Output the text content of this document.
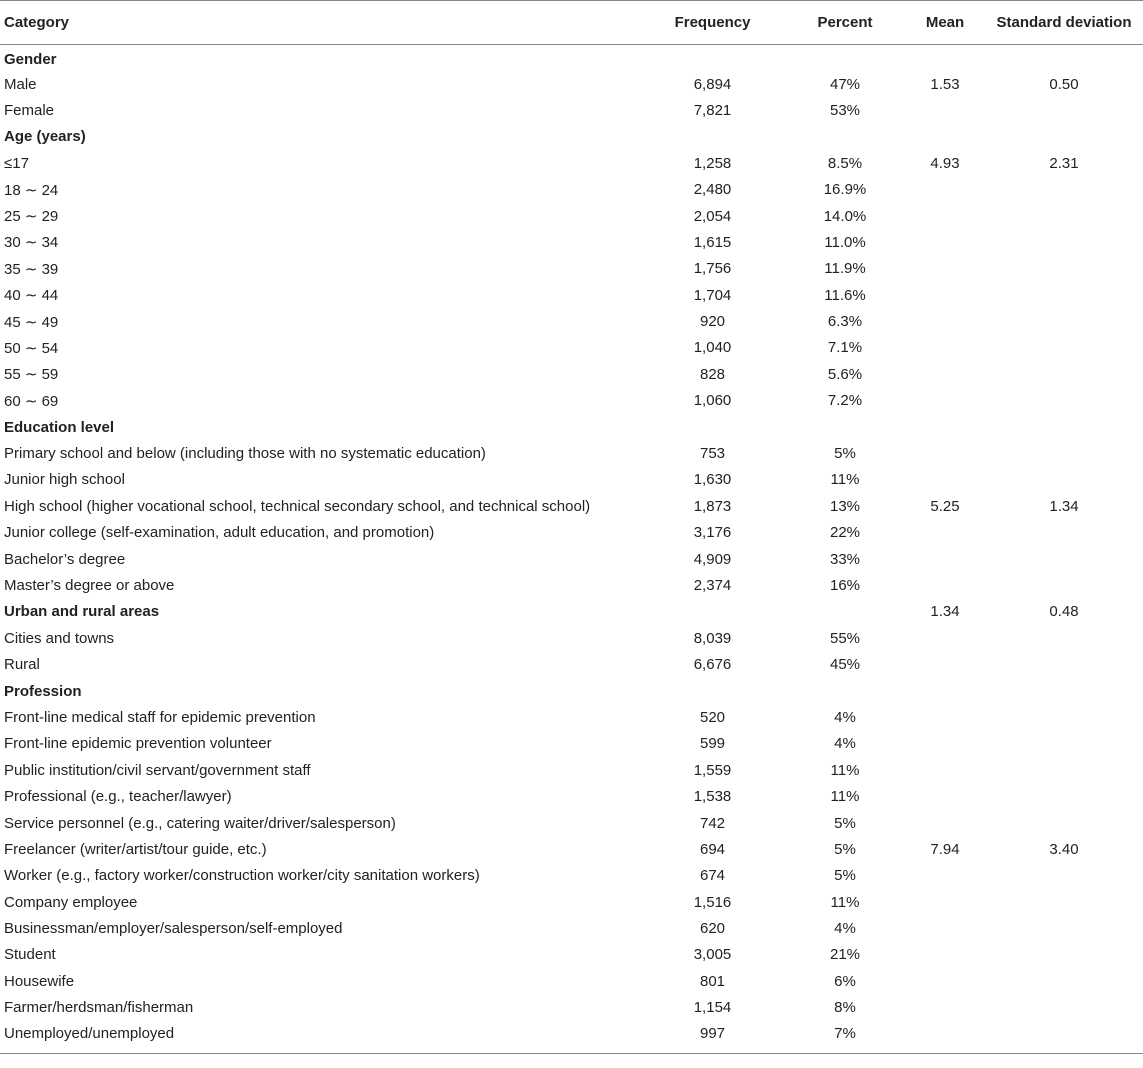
Category	Frequency	Percent	Mean	Standard deviation
Gender				
Male	6,894	47%	1.53	0.50
Female	7,821	53%		
Age (years)				
≤17	1,258	8.5%	4.93	2.31
18 ∼ 24	2,480	16.9%		
25 ∼ 29	2,054	14.0%		
30 ∼ 34	1,615	11.0%		
35 ∼ 39	1,756	11.9%		
40 ∼ 44	1,704	11.6%		
45 ∼ 49	920	6.3%		
50 ∼ 54	1,040	7.1%		
55 ∼ 59	828	5.6%		
60 ∼ 69	1,060	7.2%		
Education level				
Primary school and below (including those with no systematic education)	753	5%		
Junior high school	1,630	11%		
High school (higher vocational school, technical secondary school, and technical school)	1,873	13%	5.25	1.34
Junior college (self-examination, adult education, and promotion)	3,176	22%		
Bachelor’s degree	4,909	33%		
Master’s degree or above	2,374	16%		
Urban and rural areas			1.34	0.48
Cities and towns	8,039	55%		
Rural	6,676	45%		
Profession				
Front-line medical staff for epidemic prevention	520	4%		
Front-line epidemic prevention volunteer	599	4%		
Public institution/civil servant/government staff	1,559	11%		
Professional (e.g., teacher/lawyer)	1,538	11%		
Service personnel (e.g., catering waiter/driver/salesperson)	742	5%		
Freelancer (writer/artist/tour guide, etc.)	694	5%	7.94	3.40
Worker (e.g., factory worker/construction worker/city sanitation workers)	674	5%		
Company employee	1,516	11%		
Businessman/employer/salesperson/self-employed	620	4%		
Student	3,005	21%		
Housewife	801	6%		
Farmer/herdsman/fisherman	1,154	8%		
Unemployed/unemployed	997	7%		
